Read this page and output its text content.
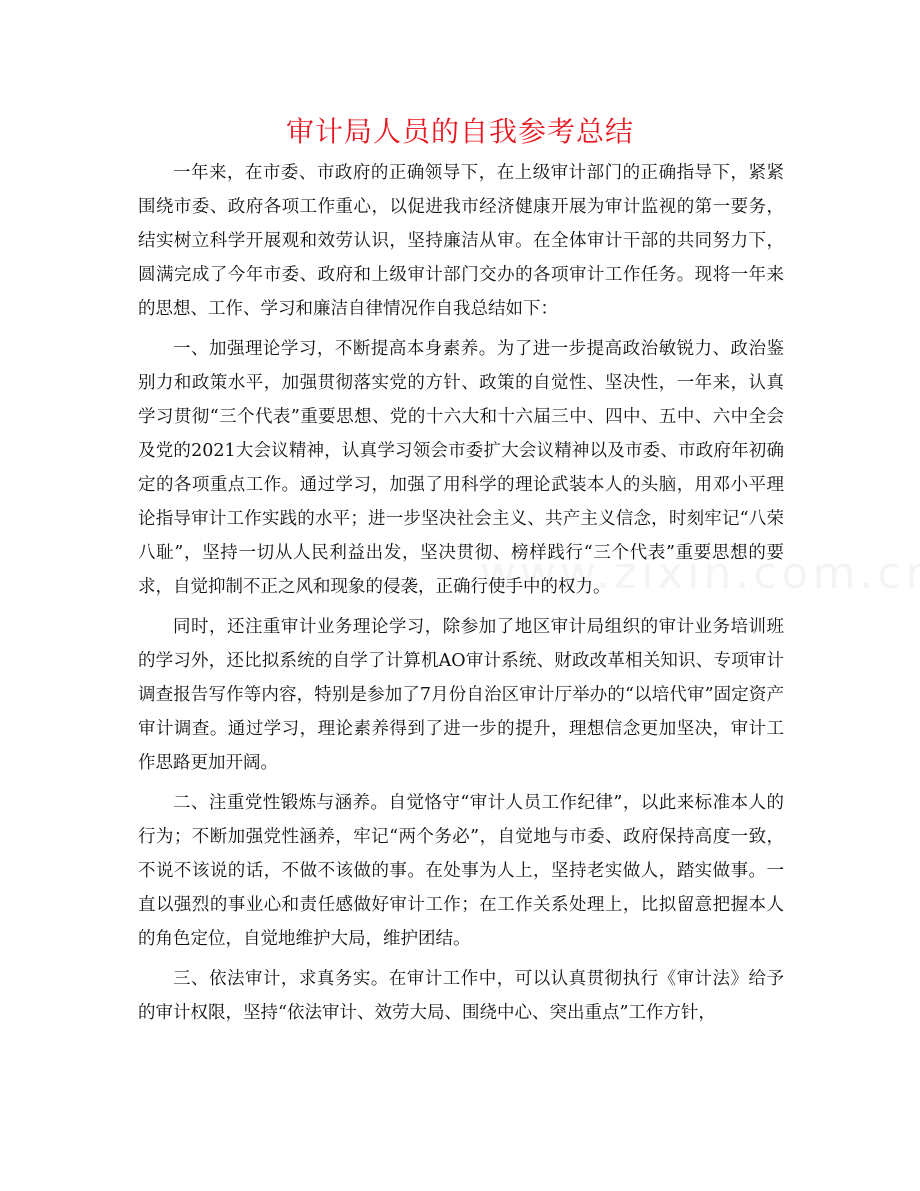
审计局人员的自我参考总结

一年来，在市委、市政府的正确领导下，在上级审计部门的正确指导下，紧紧围绕市委、政府各项工作重心，以促进我市经济健康开展为审计监视的第一要务，结实树立科学开展观和效劳认识，坚持廉洁从审。在全体审计干部的共同努力下，圆满完成了今年市委、政府和上级审计部门交办的各项审计工作任务。现将一年来的思想、工作、学习和廉洁自律情况作自我总结如下：

一、加强理论学习，不断提高本身素养。为了进一步提高政治敏锐力、政治鉴别力和政策水平，加强贯彻落实党的方针、政策的自觉性、坚决性，一年来，认真学习贯彻“三个代表”重要思想、党的十六大和十六届三中、四中、五中、六中全会及党的2021大会议精神，认真学习领会市委扩大会议精神以及市委、市政府年初确定的各项重点工作。通过学习，加强了用科学的理论武装本人的头脑，用邓小平理论指导审计工作实践的水平；进一步坚决社会主义、共产主义信念，时刻牢记“八荣八耻”，坚持一切从人民利益出发，坚决贯彻、榜样践行“三个代表”重要思想的要求，自觉抑制不正之风和现象的侵袭，正确行使手中的权力。

同时，还注重审计业务理论学习，除参加了地区审计局组织的审计业务培训班的学习外，还比拟系统的自学了计算机AO审计系统、财政改革相关知识、专项审计调查报告写作等内容，特别是参加了7月份自治区审计厅举办的“以培代审”固定资产审计调查。通过学习，理论素养得到了进一步的提升，理想信念更加坚决，审计工作思路更加开阔。

二、注重党性锻炼与涵养。自觉恪守“审计人员工作纪律”，以此来标准本人的行为；不断加强党性涵养，牢记“两个务必”，自觉地与市委、政府保持高度一致，不说不该说的话，不做不该做的事。在处事为人上，坚持老实做人，踏实做事。一直以强烈的事业心和责任感做好审计工作；在工作关系处理上，比拟留意把握本人的角色定位，自觉地维护大局，维护团结。

三、依法审计，求真务实。在审计工作中，可以认真贯彻执行《审计法》给予的审计权限，坚持“依法审计、效劳大局、围绕中心、突出重点”工作方针，
